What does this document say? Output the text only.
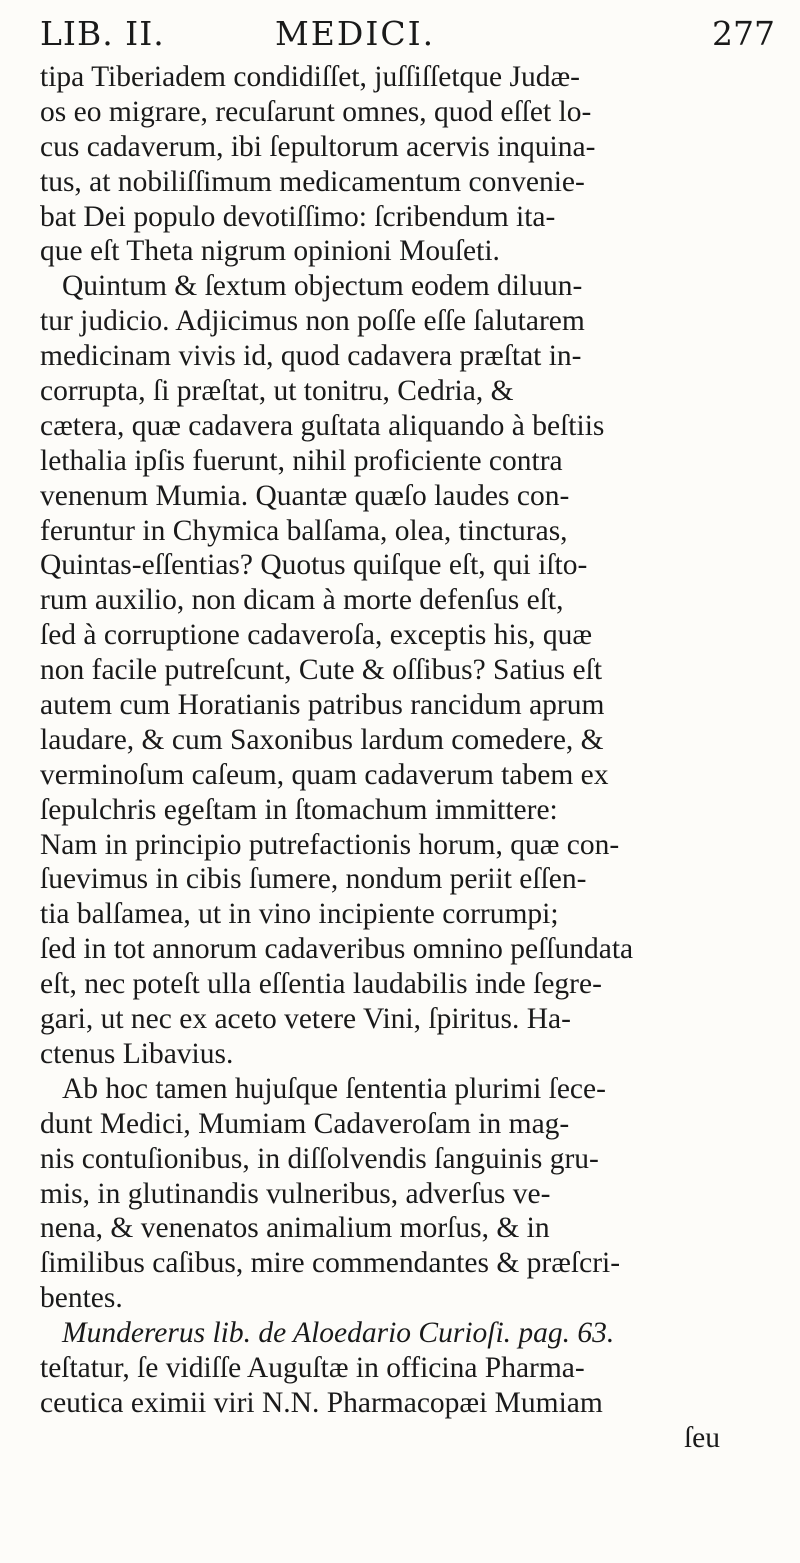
LIB. II.	MEDICI.	277
tipa Tiberiadem condidiſſet, juſſiſſetque Judæ-
os eo migrare, recuſarunt omnes, quod eſſet lo-
cus cadaverum, ibi ſepultorum acervis inquina-
tus, at nobiliſſimum medicamentum convenie-
bat Dei populo devotiſſimo: ſcribendum ita-
que eſt Theta nigrum opinioni Mouſeti.
Quintum & ſextum objectum eodem diluun-
tur judicio. Adjicimus non poſſe eſſe ſalutarem
medicinam vivis id, quod cadavera præſtat in-
corrupta, ſi præſtat, ut tonitru, Cedria, &
cætera, quæ cadavera guſtata aliquando à beſtiis
lethalia ipſis fuerunt, nihil proficiente contra
venenum Mumia. Quantæ quæſo laudes con-
feruntur in Chymica balſama, olea, tincturas,
Quintas-eſſentias? Quotus quiſque eſt, qui iſto-
rum auxilio, non dicam à morte defenſus eſt,
ſed à corruptione cadaveroſa, exceptis his, quæ
non facile putreſcunt, Cute & oſſibus? Satius eſt
autem cum Horatianis patribus rancidum aprum
laudare, & cum Saxonibus lardum comedere, &
verminoſum caſeum, quam cadaverum tabem ex
ſepulchris egeſtam in ſtomachum immittere:
Nam in principio putrefactionis horum, quæ con-
ſuevimus in cibis ſumere, nondum periit eſſen-
tia balſamea, ut in vino incipiente corrumpi;
ſed in tot annorum cadaveribus omnino peſſundata
eſt, nec poteſt ulla eſſentia laudabilis inde ſegre-
gari, ut nec ex aceto vetere Vini, ſpiritus. Ha-
ctenus Libavius.
Ab hoc tamen hujuſque ſententia plurimi ſece-
dunt Medici, Mumiam Cadaveroſam in mag-
nis contuſionibus, in diſſolvendis ſanguinis gru-
mis, in glutinandis vulneribus, adverſus ve-
nena, & venenatos animalium morſus, & in
ſimilibus caſibus, mire commendantes & præſcri-
bentes.
Mundererus lib. de Aloedario Curioſi. pag. 63.
teſtatur, ſe vidiſſe Auguſtæ in officina Pharma-
ceutica eximii viri N.N. Pharmacopæi Mumiam
ſeu
